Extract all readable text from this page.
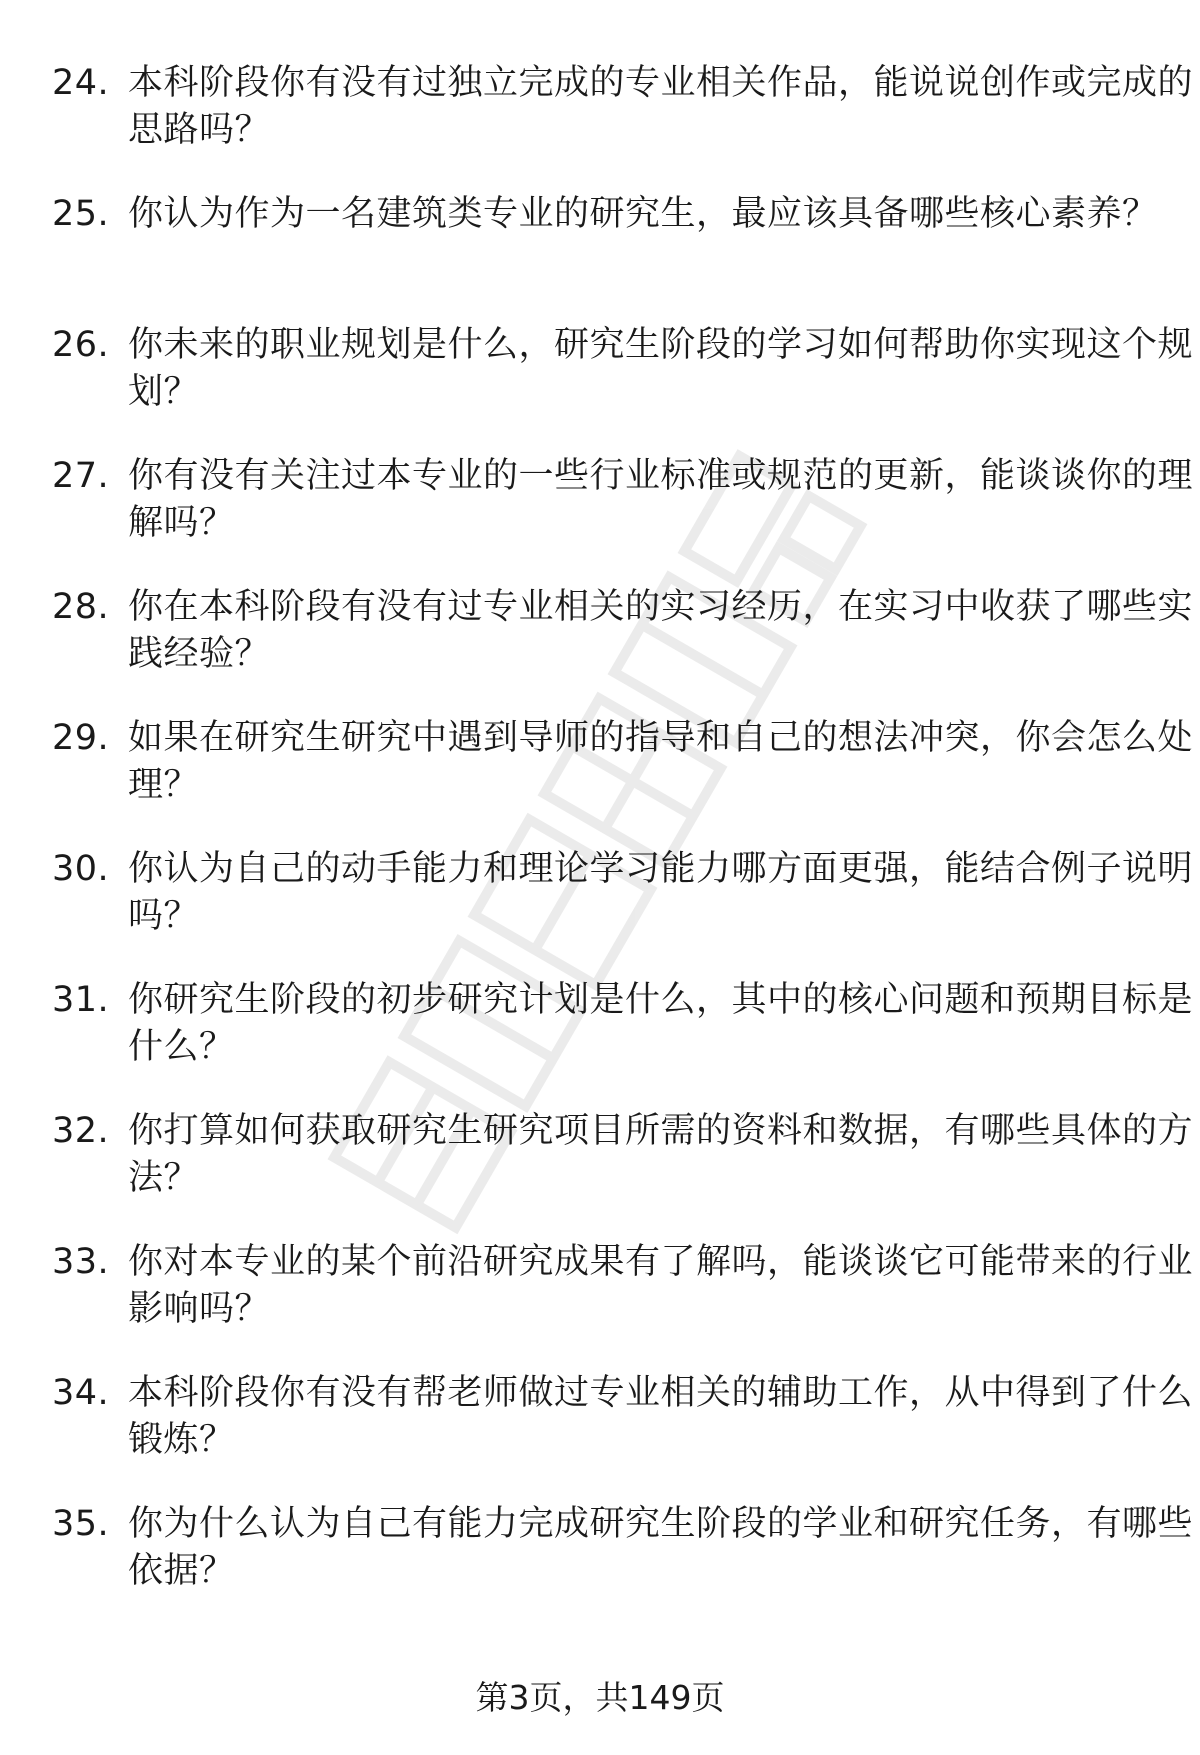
24. 本科阶段你有没有过独立完成的专业相关作品，能说说创作或完成的思路吗？
25. 你认为作为一名建筑类专业的研究生，最应该具备哪些核心素养？
26. 你未来的职业规划是什么，研究生阶段的学习如何帮助你实现这个规划？
27. 你有没有关注过本专业的一些行业标准或规范的更新，能谈谈你的理解吗？
28. 你在本科阶段有没有过专业相关的实习经历，在实习中收获了哪些实践经验？
29. 如果在研究生研究中遇到导师的指导和自己的想法冲突，你会怎么处理？
30. 你认为自己的动手能力和理论学习能力哪方面更强，能结合例子说明吗？
31. 你研究生阶段的初步研究计划是什么，其中的核心问题和预期目标是什么？
32. 你打算如何获取研究生研究项目所需的资料和数据，有哪些具体的方法？
33. 你对本专业的某个前沿研究成果有了解吗，能谈谈它可能带来的行业影响吗？
34. 本科阶段你有没有帮老师做过专业相关的辅助工作，从中得到了什么锻炼？
35. 你为什么认为自己有能力完成研究生阶段的学业和研究任务，有哪些依据？
第3页，共149页
